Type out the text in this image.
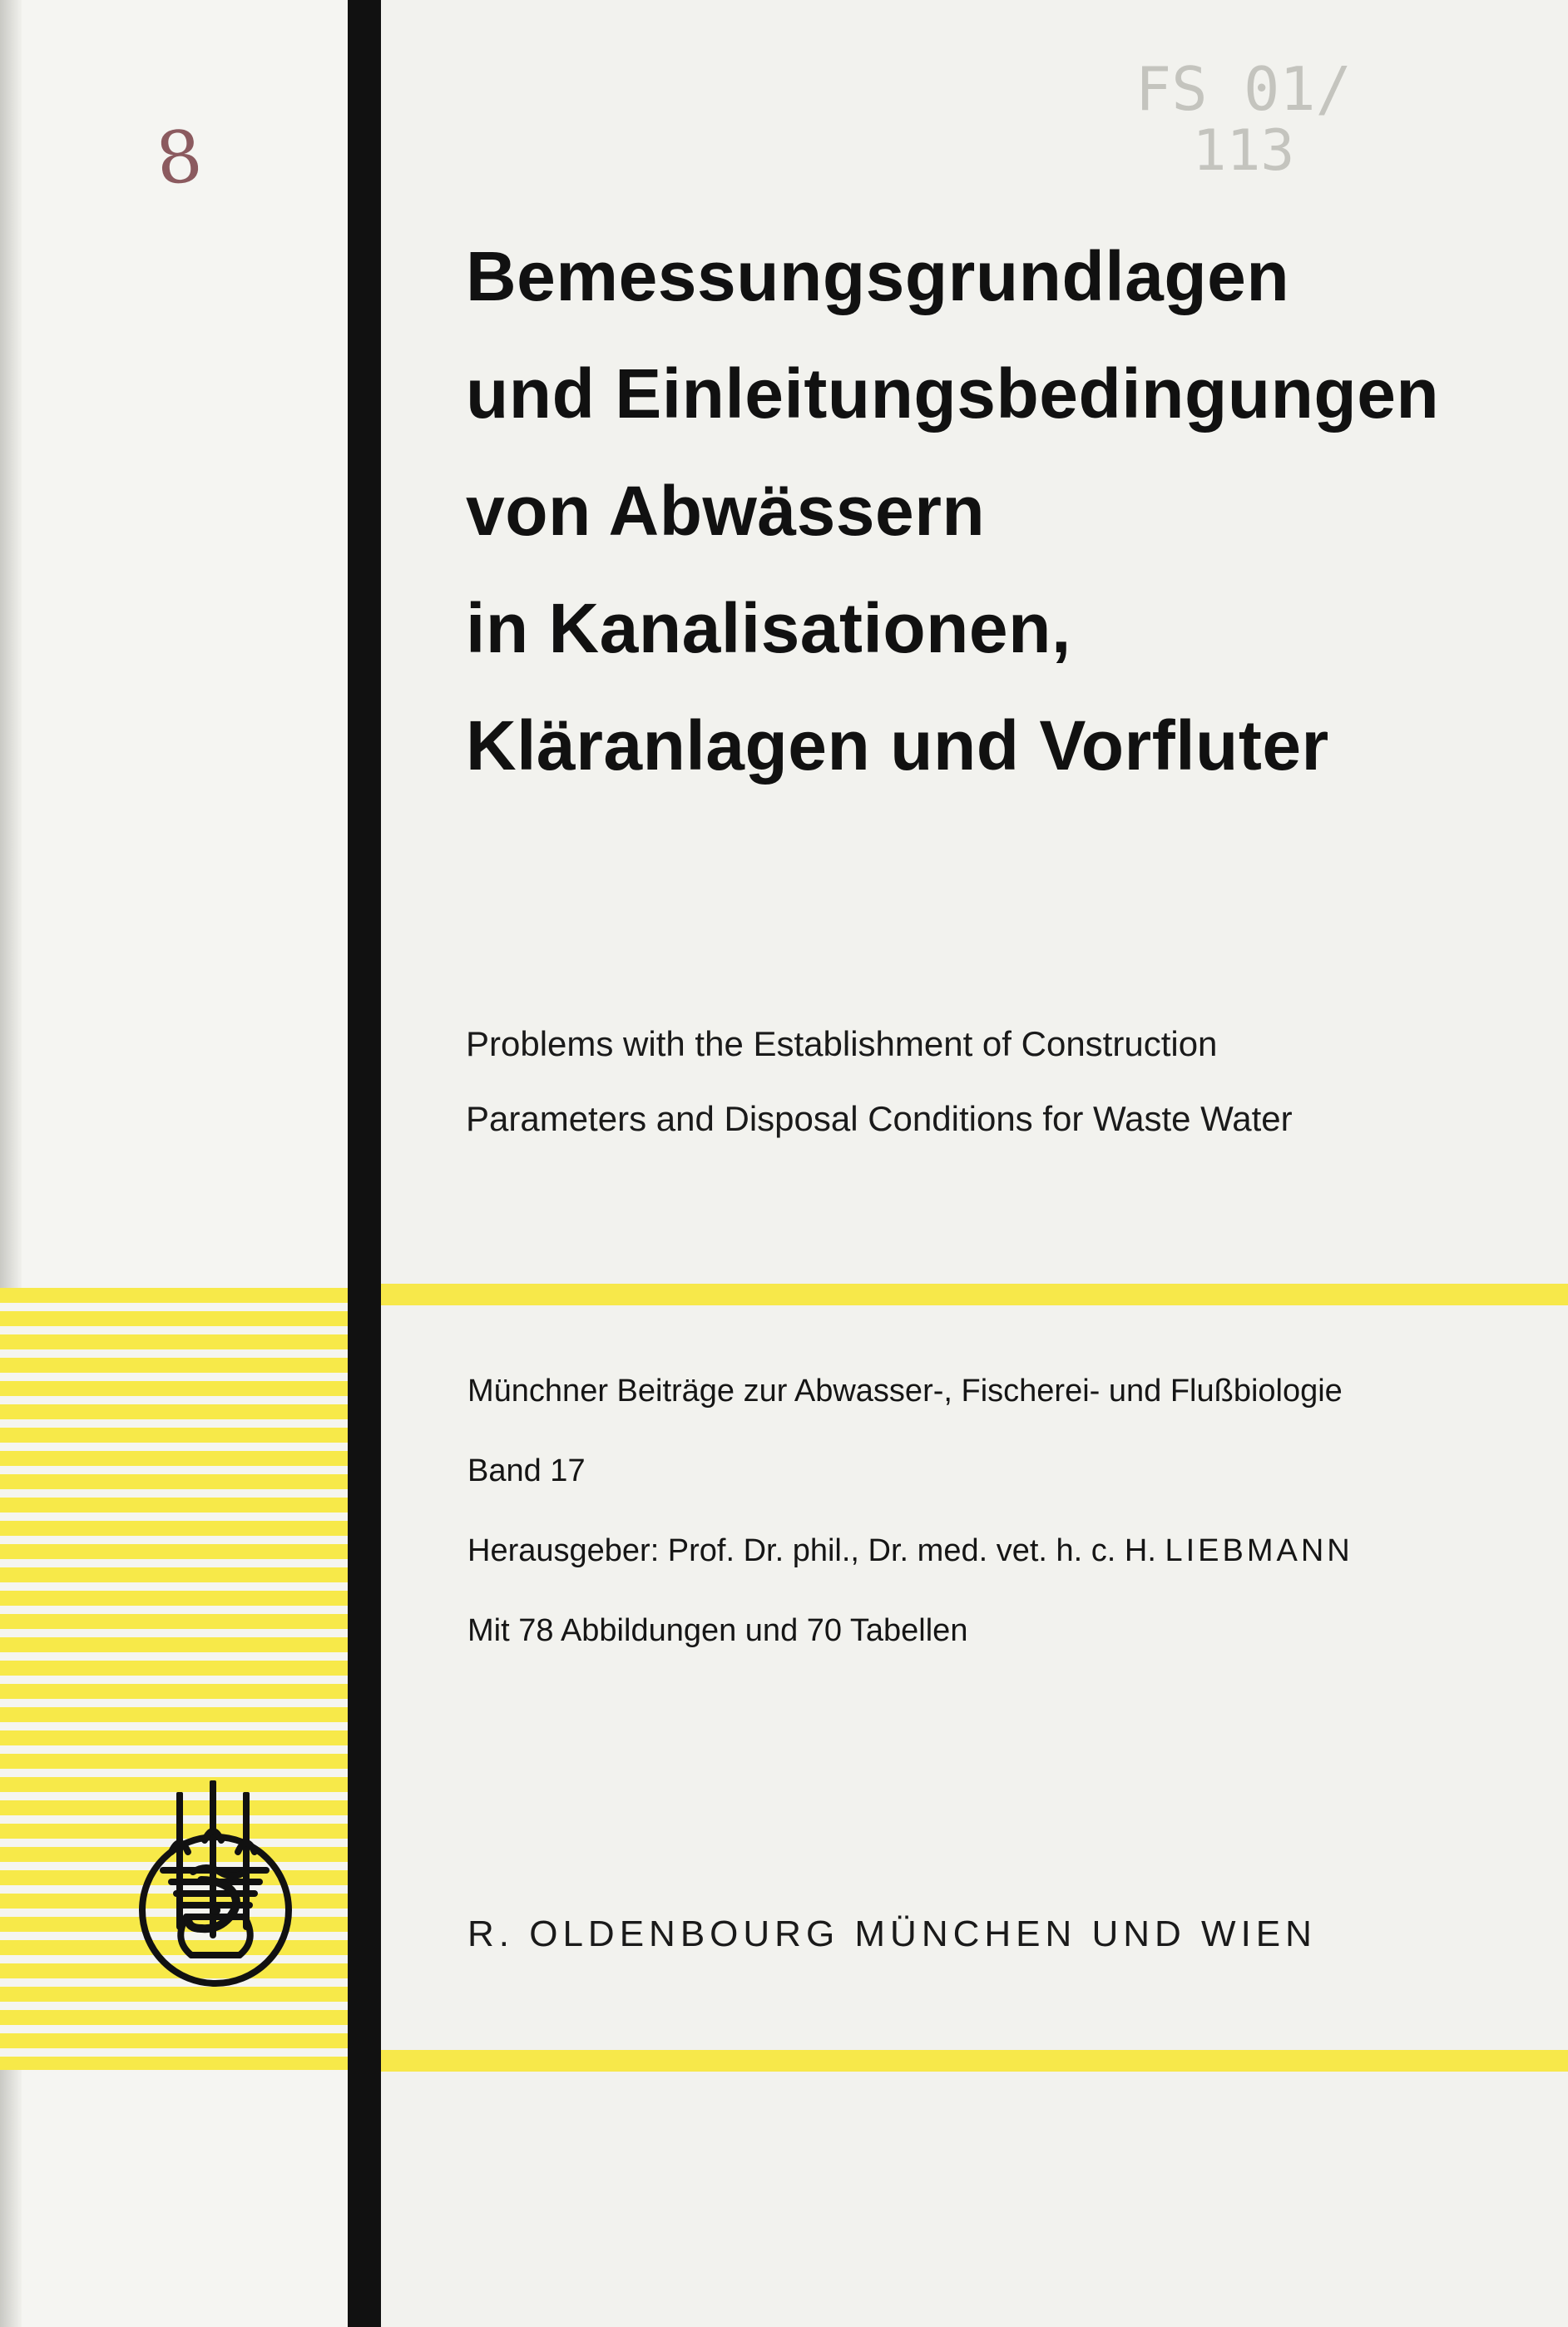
8
FS 01/
113
Bemessungsgrundlagen
und Einleitungsbedingungen
von Abwässern
in Kanalisationen,
Kläranlagen und Vorfluter
Problems with the Establishment of Construction
Parameters and Disposal Conditions for Waste Water
Münchner Beiträge zur Abwasser-, Fischerei- und Flußbiologie
Band 17
Herausgeber: Prof. Dr. phil., Dr. med. vet. h. c. H. LIEBMANN
Mit 78 Abbildungen und 70 Tabellen
R. OLDENBOURG MÜNCHEN UND WIEN
